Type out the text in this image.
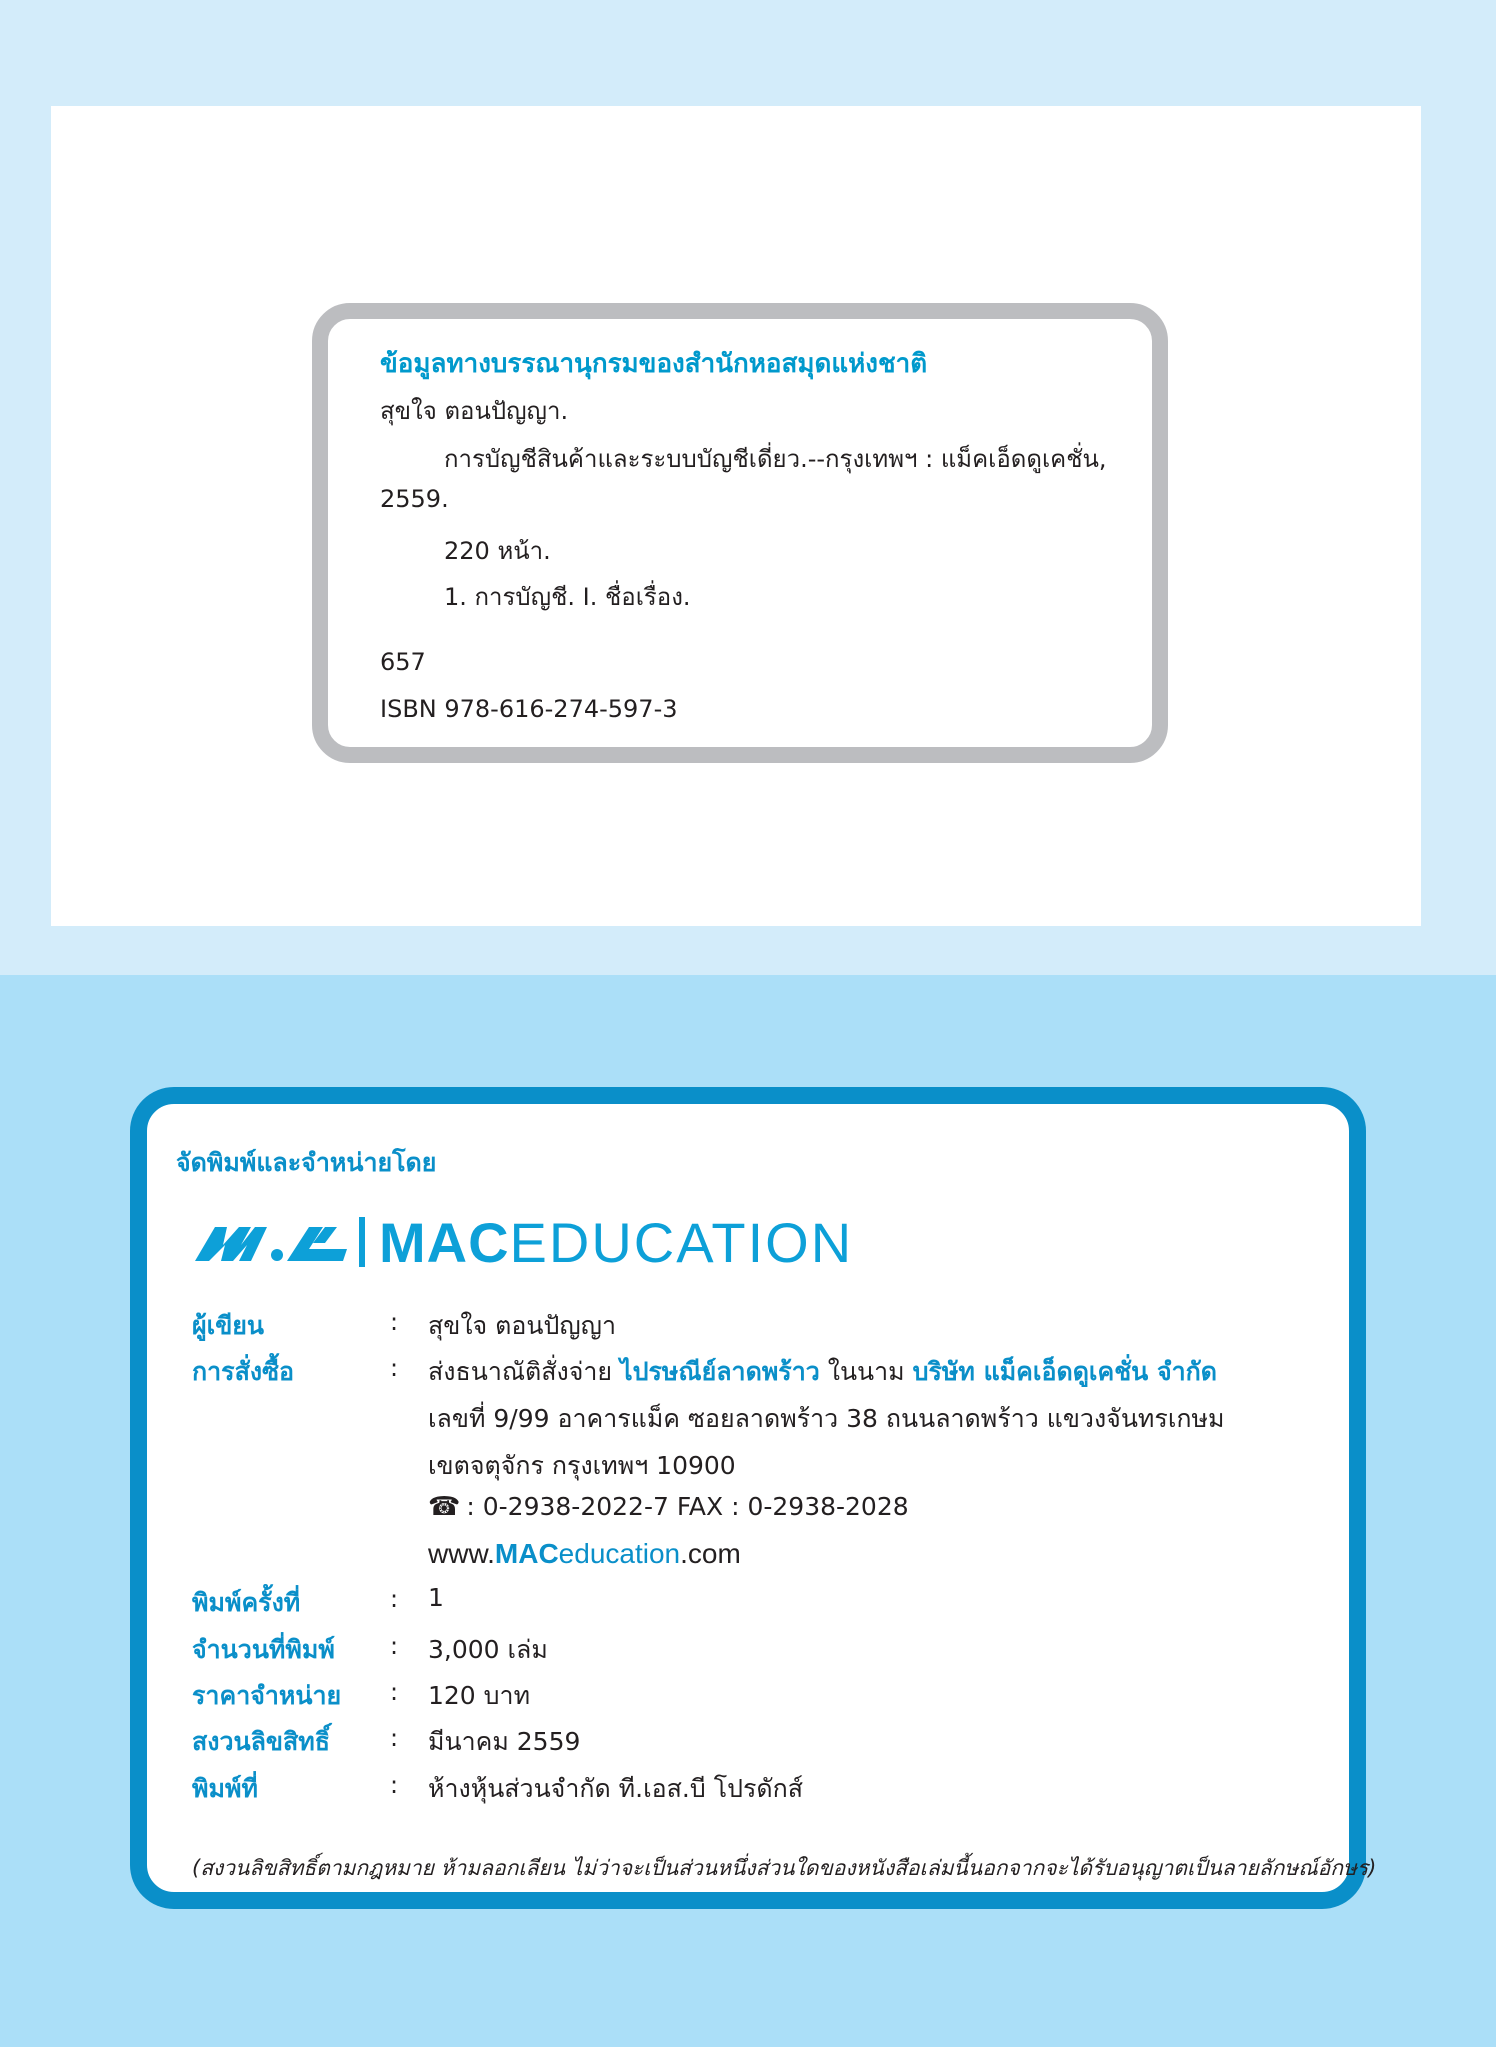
ข้อมูลทางบรรณานุกรมของสำนักหอสมุดแห่งชาติ
สุขใจ ตอนปัญญา.
การบัญชีสินค้าและระบบบัญชีเดี่ยว.--กรุงเทพฯ : แม็คเอ็ดดูเคชั่น,
2559.
220 หน้า.
1. การบัญชี. I. ชื่อเรื่อง.
657
ISBN 978-616-274-597-3
จัดพิมพ์และจำหน่ายโดย
MAC EDUCATION
ผู้เขียน	: สุขใจ ตอนปัญญา
การสั่งซื้อ	: ส่งธนาณัติสั่งจ่าย ไปรษณีย์ลาดพร้าว ในนาม บริษัท แม็คเอ็ดดูเคชั่น จำกัด
เลขที่ 9/99 อาคารแม็ค ซอยลาดพร้าว 38 ถนนลาดพร้าว แขวงจันทรเกษม
เขตจตุจักร กรุงเทพฯ 10900
☎ : 0-2938-2022-7 FAX : 0-2938-2028
www.MACeducation.com
พิมพ์ครั้งที่	: 1
จำนวนที่พิมพ์ : 3,000 เล่ม
ราคาจำหน่าย : 120 บาท
สงวนลิขสิทธิ์ : มีนาคม 2559
พิมพ์ที่	: ห้างหุ้นส่วนจำกัด ที.เอส.บี โปรดักส์
(สงวนลิขสิทธิ์ตามกฎหมาย ห้ามลอกเลียน ไม่ว่าจะเป็นส่วนหนึ่งส่วนใดของหนังสือเล่มนี้นอกจากจะได้รับอนุญาตเป็นลายลักษณ์อักษร)
